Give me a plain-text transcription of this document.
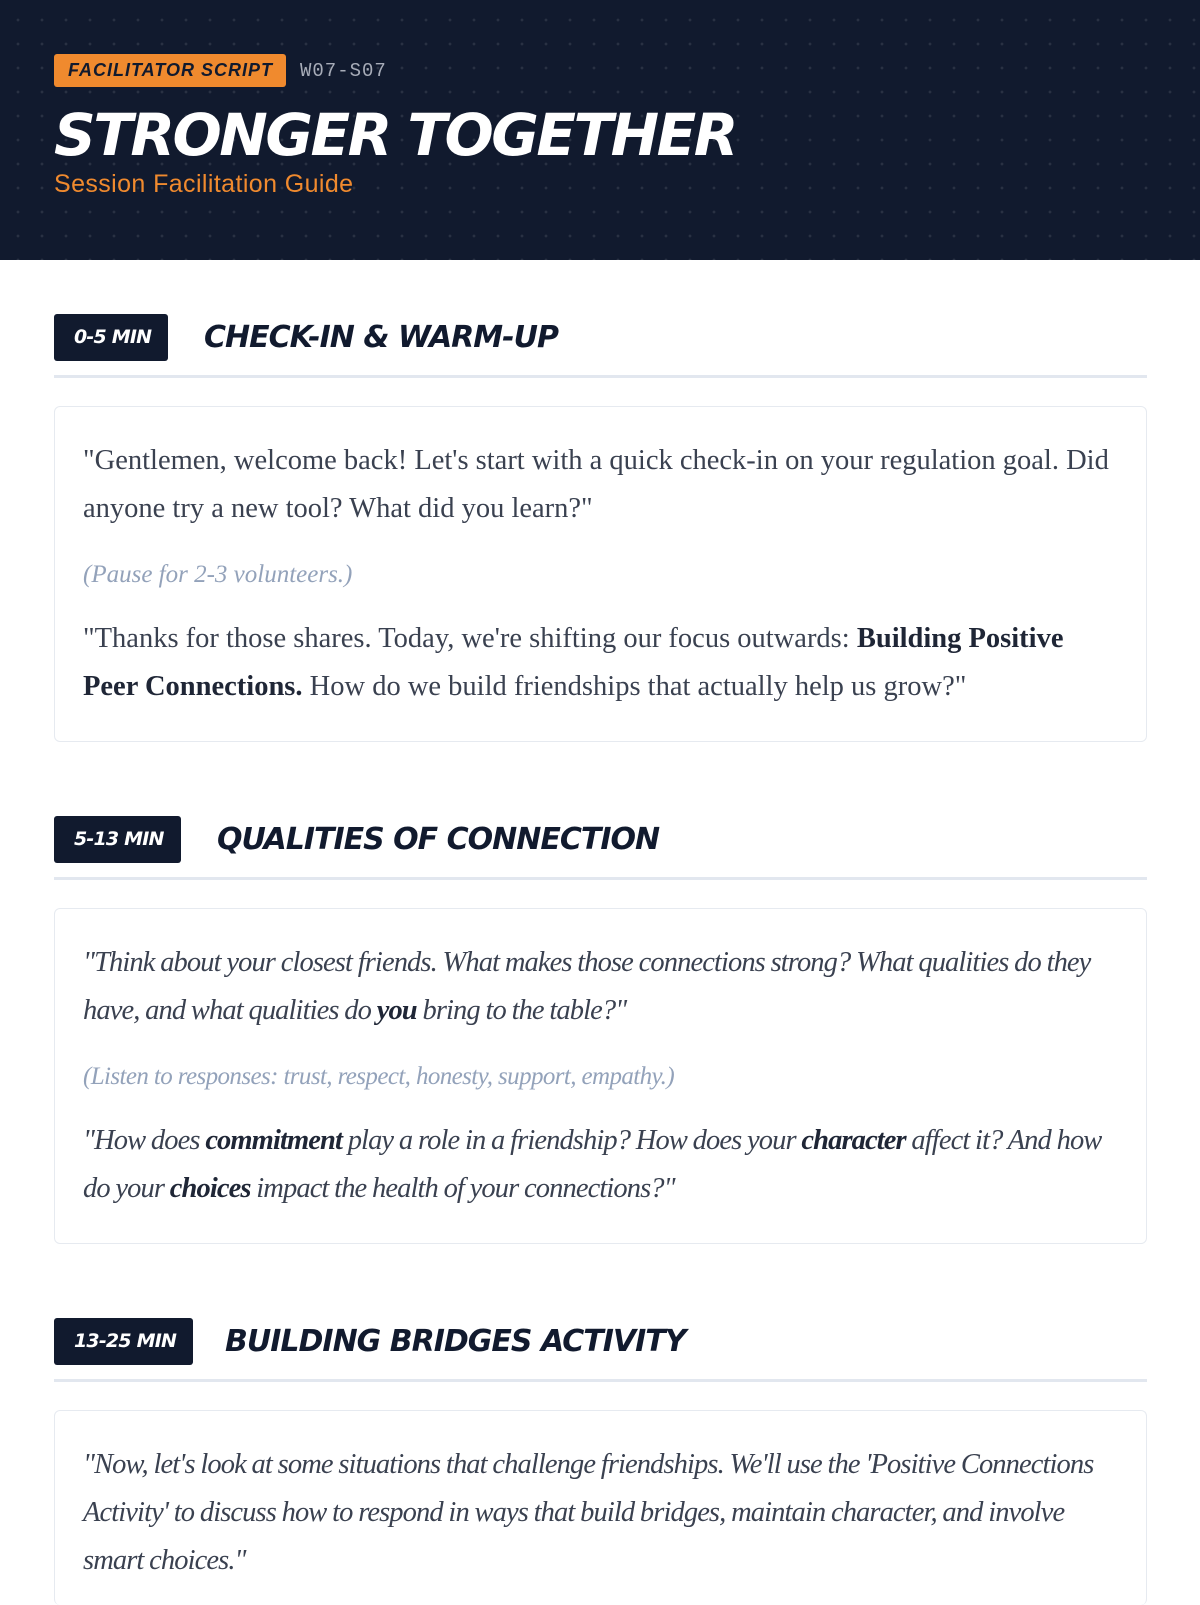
FACILITATOR SCRIPT	W07-S07
STRONGER TOGETHER
Session Facilitation Guide
0-5 MIN	CHECK-IN & WARM-UP

"Gentlemen, welcome back! Let's start with a quick check-in on your regulation goal. Did anyone try a new tool? What did you learn?"

(Pause for 2-3 volunteers.)

"Thanks for those shares. Today, we're shifting our focus outwards: Building Positive Peer Connections. How do we build friendships that actually help us grow?"

5-13 MIN	QUALITIES OF CONNECTION

"Think about your closest friends. What makes those connections strong? What qualities do they have, and what qualities do you bring to the table?"

(Listen to responses: trust, respect, honesty, support, empathy.)

"How does commitment play a role in a friendship? How does your character affect it? And how do your choices impact the health of your connections?"

13-25 MIN	BUILDING BRIDGES ACTIVITY

"Now, let's look at some situations that challenge friendships. We'll use the 'Positive Connections Activity' to discuss how to respond in ways that build bridges, maintain character, and involve smart choices."
